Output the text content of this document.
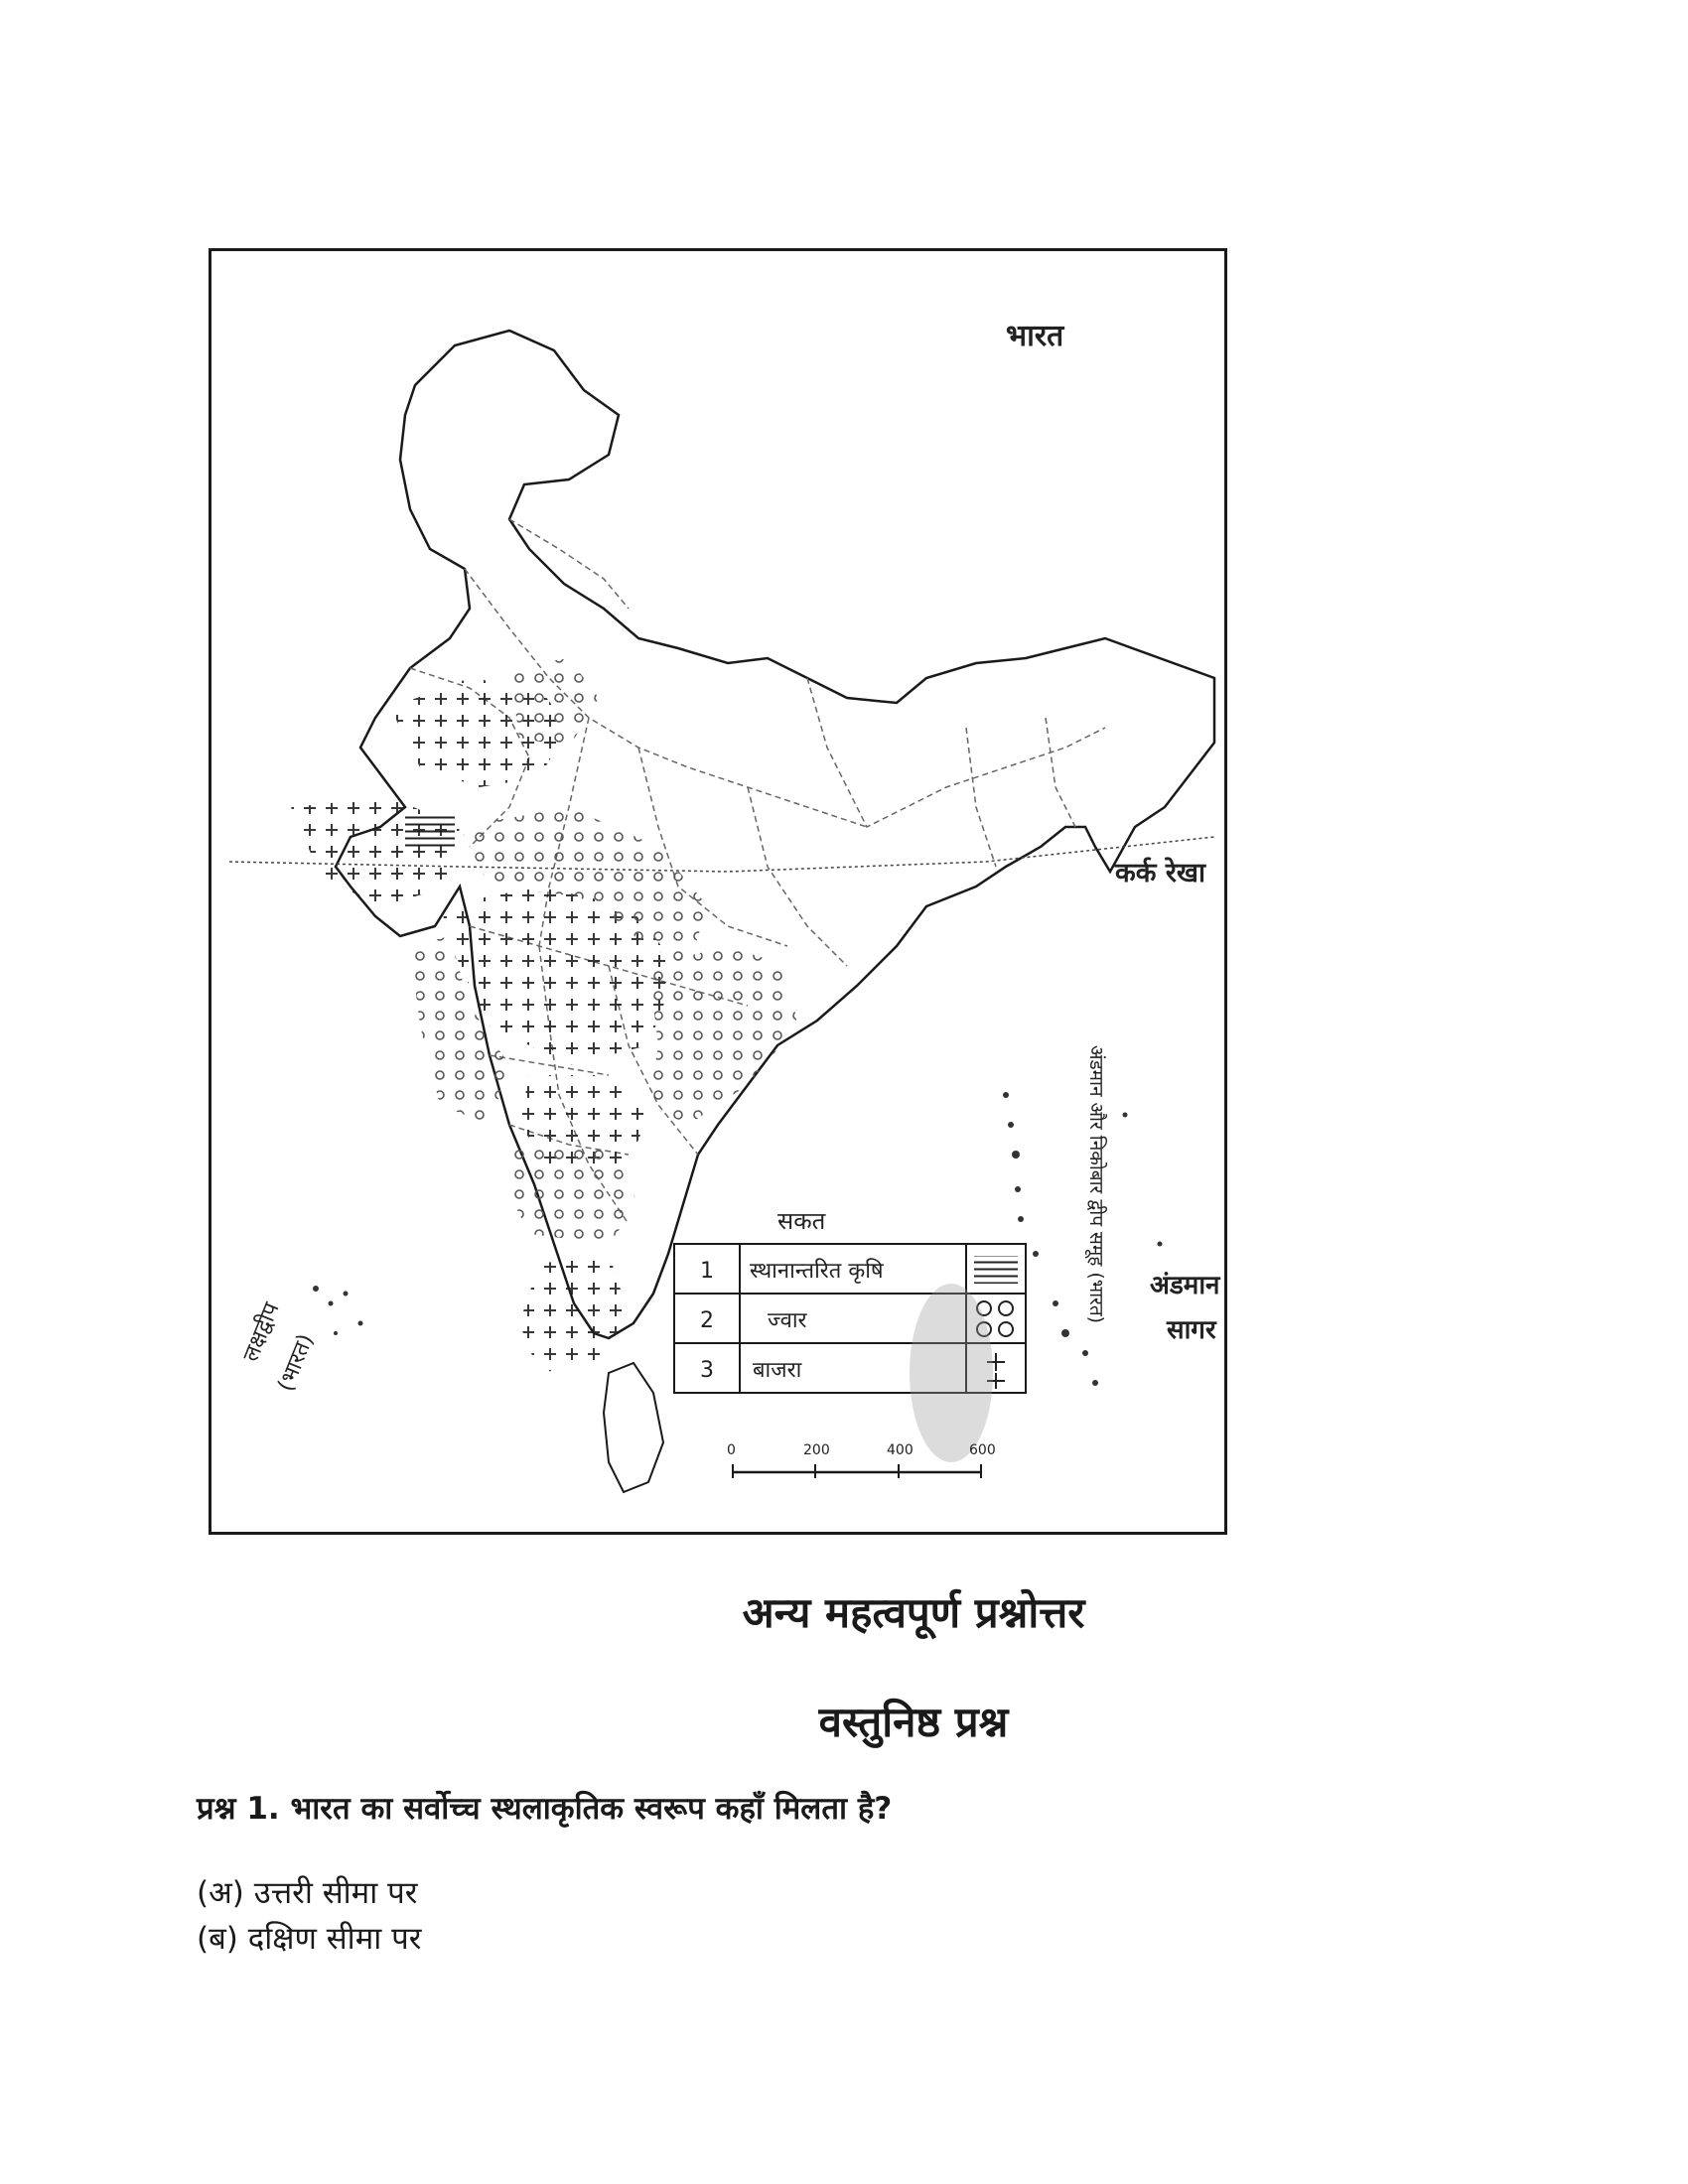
भारत
कर्क रेखा
अंडमान
सागर
अंडमान और निकोबार द्वीप समूह (भारत)
लक्षद्वीप
(भारत)
सकत
1 स्थानान्तरित कृषि
2 ज्वार
3 बाजरा
0	200	400	600
अन्य महत्वपूर्ण प्रश्नोत्तर
वस्तुनिष्ठ प्रश्न
प्रश्न 1. भारत का सर्वोच्च स्थलाकृतिक स्वरूप कहाँ मिलता है?
(अ) उत्तरी सीमा पर
(ब) दक्षिण सीमा पर
